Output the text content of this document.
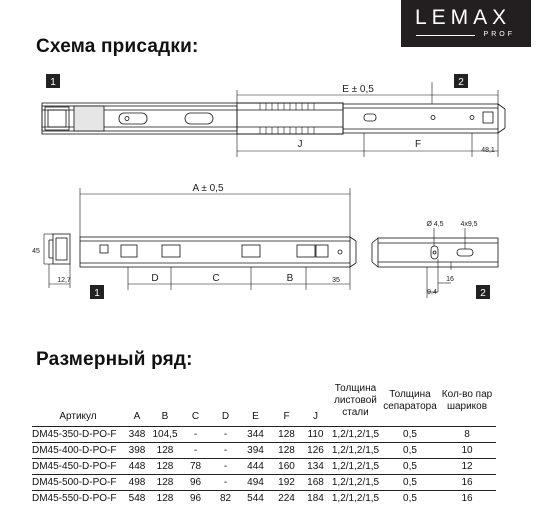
LEMAX
PROF
Схема присадки:
1	2
1	2
E ± 0,5
J	F
48,1
A ± 0,5
D	C	B	35
45
12,7
Ø 4,5 4x9,5
16
9,4
Размерный ряд:
Артикул	A	B	C	D	E	F	J	Толщина листовой стали	Толщина сепаратора	Кол-во пар шариков
DM45-350-D-PO-F	348	104,5	-	-	344	128	110	1,2/1,2/1,5	0,5	8
DM45-400-D-PO-F	398	128	-	-	394	128	126	1,2/1,2/1,5	0,5	10
DM45-450-D-PO-F	448	128	78	-	444	160	134	1,2/1,2/1,5	0,5	12
DM45-500-D-PO-F	498	128	96	-	494	192	168	1,2/1,2/1,5	0,5	16
DM45-550-D-PO-F	548	128	96	82	544	224	184	1,2/1,2/1,5	0,5	16
